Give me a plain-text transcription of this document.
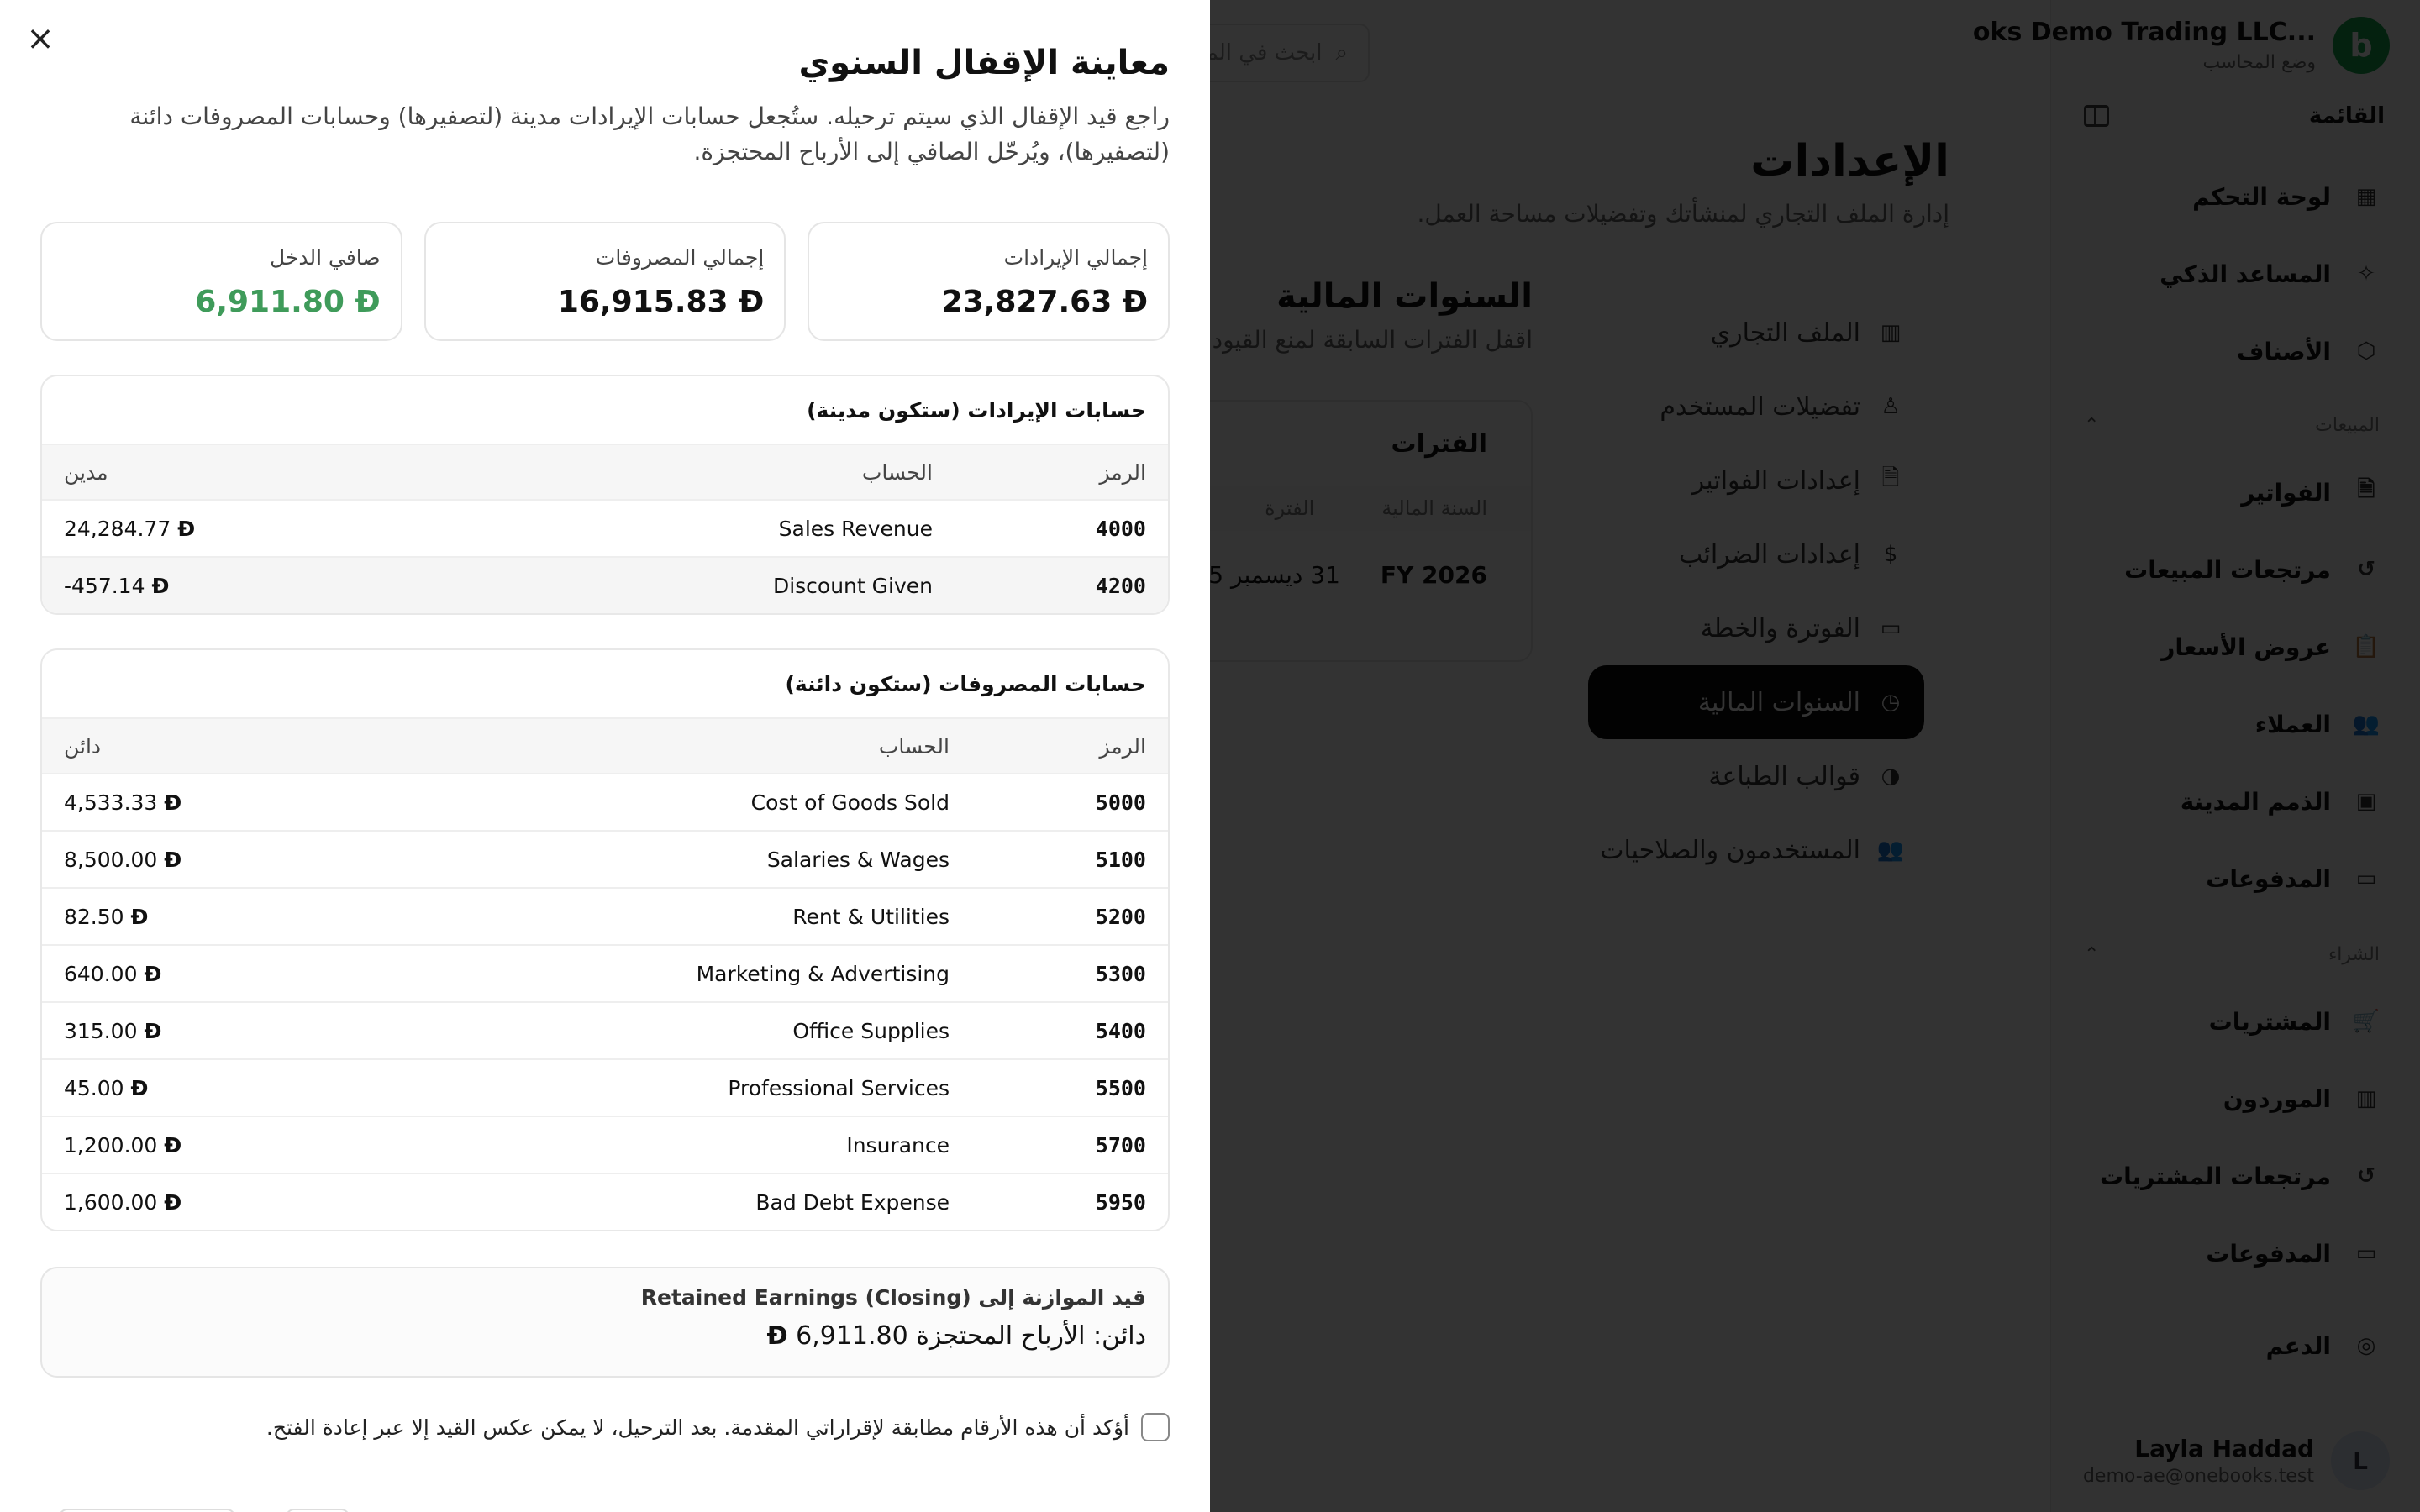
×
معاينة الإقفال السنوي

راجع قيد الإقفال الذي سيتم ترحيله. ستُجعل حسابات الإيرادات مدينة (لتصفيرها) وحسابات المصروفات دائنة (لتصفيرها)، ويُرحّل الصافي إلى الأرباح المحتجزة.

إجمالي الإيرادات
23,827.63 Đ
إجمالي المصروفات
16,915.83 Đ
صافي الدخل
6,911.80 Đ
حسابات الإيرادات (ستكون مدينة)
الرمز
الحساب
مدين
4000
Sales Revenue
24,284.77 Đ
4200
Discount Given
-457.14 Đ
حسابات المصروفات (ستكون دائنة)
الرمز
الحساب
دائن
5000
Cost of Goods Sold
4,533.33 Đ
5100
Salaries & Wages
8,500.00 Đ
5200
Rent & Utilities
82.50 Đ
5300
Marketing & Advertising
640.00 Đ
5400
Office Supplies
315.00 Đ
5500
Professional Services
45.00 Đ
5700
Insurance
1,200.00 Đ
5950
Bad Debt Expense
1,600.00 Đ
قيد الموازنة إلى Retained Earnings (Closing)
دائن: الأرباح المحتجزة Đ 6,911.80
أؤكد أن هذه الأرقام مطابقة لإقراراتي المقدمة. بعد الترحيل، لا يمكن عكس القيد إلا عبر إعادة الفتح.
